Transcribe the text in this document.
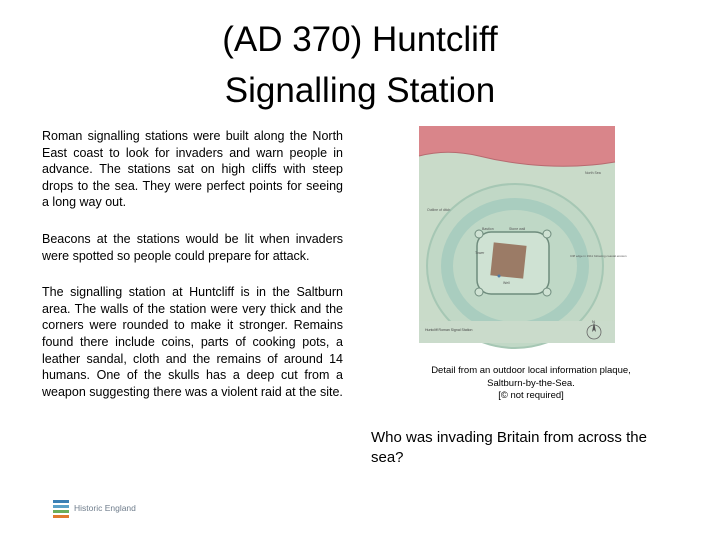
(AD 370) Huntcliff
Signalling Station

Roman signalling stations were built along the North East coast to look for invaders and warn people in advance. The stations sat on high cliffs with steep drops to the sea. They were perfect points for seeing a long way out.

Beacons at the stations would be lit when invaders were spotted so people could prepare for attack.

The signalling station at Huntcliff is in the Saltburn area. The walls of the station were very thick and the corners were rounded to make it stronger. Remains found there include coins, parts of cooking pots, a leather sandal, cloth and the remains of around 14 humans. One of the skulls has a deep cut from a weapon suggesting there was a violent raid at the site.

North Sea
Outline of ditch
Bastion	Stone wall
Tower
Cliff edge in 1911 following coastal erosion
Well
Huntcliff Roman Signal Station
N
Detail from an outdoor local information plaque,
Saltburn-by-the-Sea.
[© not required]
Who was invading Britain from across the sea?
Historic England
